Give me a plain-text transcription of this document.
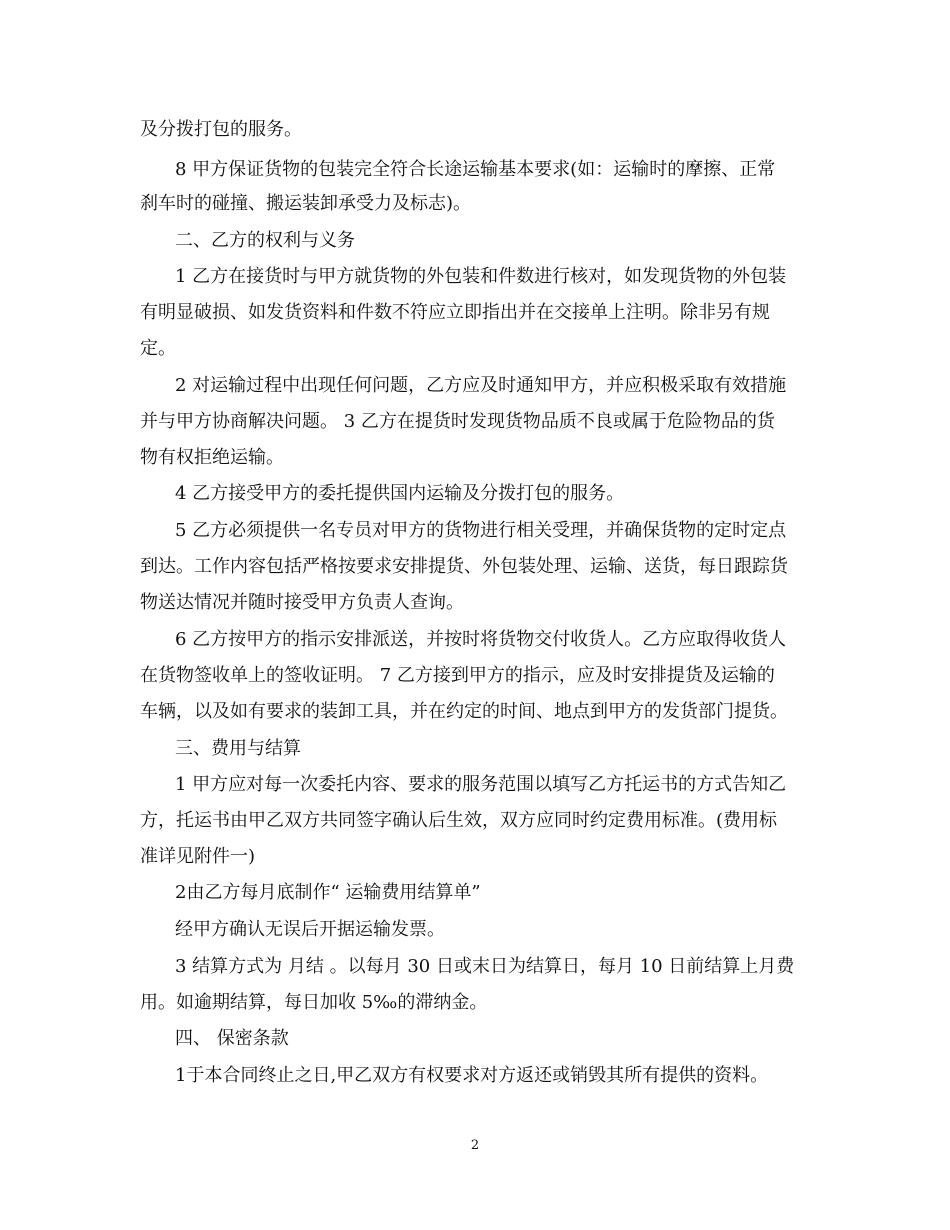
及分拨打包的服务。
8 甲方保证货物的包装完全符合长途运输基本要求(如：运输时的摩擦、正常
刹车时的碰撞、搬运装卸承受力及标志)。
二、乙方的权利与义务
1 乙方在接货时与甲方就货物的外包装和件数进行核对，如发现货物的外包装
有明显破损、如发货资料和件数不符应立即指出并在交接单上注明。除非另有规
定。
2 对运输过程中出现任何问题，乙方应及时通知甲方，并应积极采取有效措施
并与甲方协商解决问题。 3 乙方在提货时发现货物品质不良或属于危险物品的货
物有权拒绝运输。
4 乙方接受甲方的委托提供国内运输及分拨打包的服务。
5 乙方必须提供一名专员对甲方的货物进行相关受理，并确保货物的定时定点
到达。工作内容包括严格按要求安排提货、外包装处理、运输、送货，每日跟踪货
物送达情况并随时接受甲方负责人查询。
6 乙方按甲方的指示安排派送，并按时将货物交付收货人。乙方应取得收货人
在货物签收单上的签收证明。 7 乙方接到甲方的指示，应及时安排提货及运输的
车辆，以及如有要求的装卸工具，并在约定的时间、地点到甲方的发货部门提货。
三、费用与结算
1 甲方应对每一次委托内容、要求的服务范围以填写乙方托运书的方式告知乙
方，托运书由甲乙双方共同签字确认后生效，双方应同时约定费用标准。(费用标
准详见附件一)
2由乙方每月底制作“ 运输费用结算单”
经甲方确认无误后开据运输发票。
3 结算方式为 月结 。以每月 30 日或末日为结算日，每月 10 日前结算上月费
用。如逾期结算，每日加收 5‰的滞纳金。
四、 保密条款
1于本合同终止之日,甲乙双方有权要求对方返还或销毁其所有提供的资料。
2
